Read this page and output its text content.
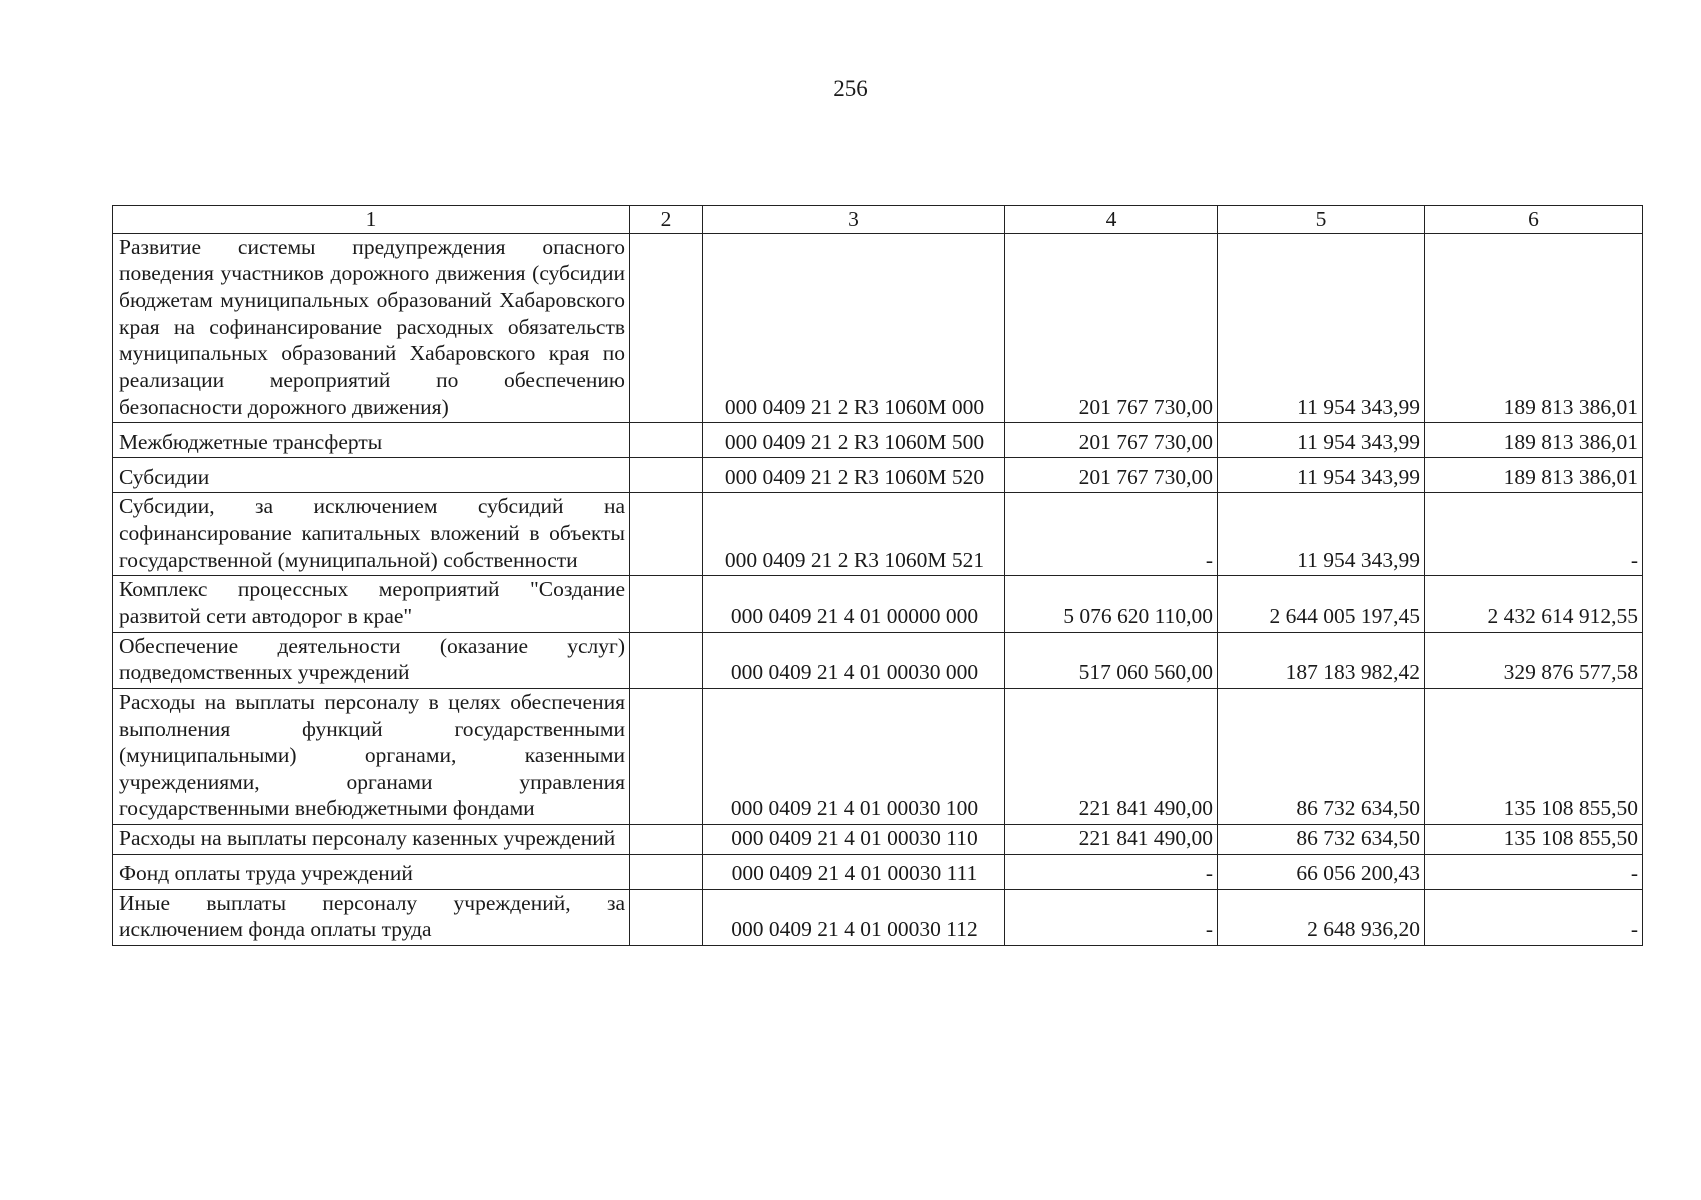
256
1	2	3	4	5	6
Развитие системы предупреждения опасного поведения участников дорожного движения (субсидии бюджетам муниципальных образований Хабаровского края на софинансирование расходных обязательств муниципальных образований Хабаровского края по реализации мероприятий по обеспечению безопасности дорожного движения)		000 0409 21 2 R3 1060М 000	201 767 730,00	11 954 343,99	189 813 386,01
Межбюджетные трансферты		000 0409 21 2 R3 1060М 500	201 767 730,00	11 954 343,99	189 813 386,01
Субсидии		000 0409 21 2 R3 1060М 520	201 767 730,00	11 954 343,99	189 813 386,01
Субсидии, за исключением субсидий на софинансирование капитальных вложений в объекты государственной (муниципальной) собственности		000 0409 21 2 R3 1060М 521	-	11 954 343,99	-
Комплекс процессных мероприятий "Создание развитой сети автодорог в крае"		000 0409 21 4 01 00000 000	5 076 620 110,00	2 644 005 197,45	2 432 614 912,55
Обеспечение деятельности (оказание услуг) подведомственных учреждений		000 0409 21 4 01 00030 000	517 060 560,00	187 183 982,42	329 876 577,58
Расходы на выплаты персоналу в целях обеспечения выполнения функций государственными (муниципальными) органами, казенными учреждениями, органами управления государственными внебюджетными фондами		000 0409 21 4 01 00030 100	221 841 490,00	86 732 634,50	135 108 855,50
Расходы на выплаты персоналу казенных учреждений		000 0409 21 4 01 00030 110	221 841 490,00	86 732 634,50	135 108 855,50
Фонд оплаты труда учреждений		000 0409 21 4 01 00030 111	-	66 056 200,43	-
Иные выплаты персоналу учреждений, за исключением фонда оплаты труда		000 0409 21 4 01 00030 112	-	2 648 936,20	-
